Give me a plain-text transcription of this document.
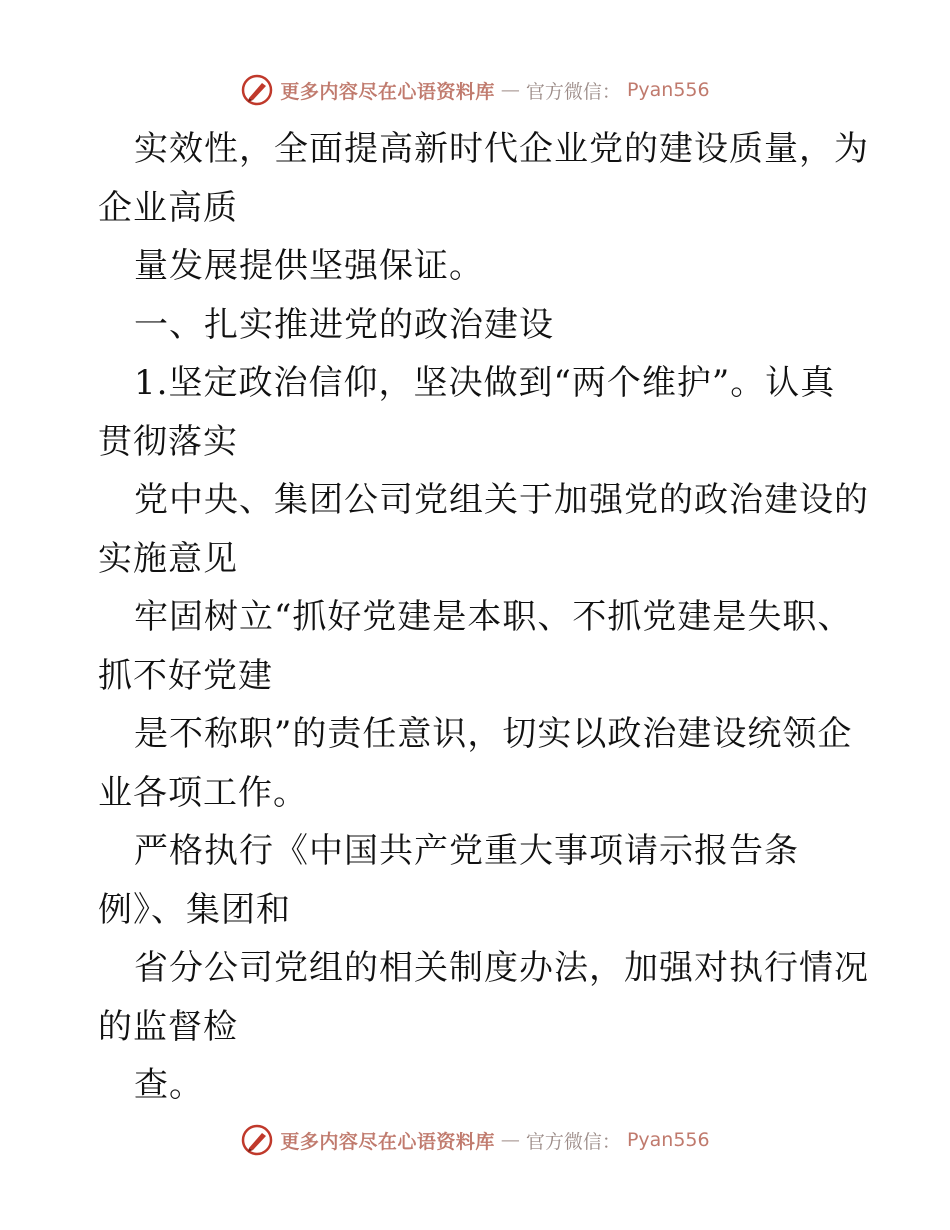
更多内容尽在心语资料库 — 官方微信： Pyan556
实效性，全面提高新时代企业党的建设质量，为
企业高质
量发展提供坚强保证。
一、扎实推进党的政治建设
1.坚定政治信仰，坚决做到“两个维护”。认真
贯彻落实
党中央、集团公司党组关于加强党的政治建设的
实施意见
牢固树立“抓好党建是本职、不抓党建是失职、
抓不好党建
是不称职”的责任意识，切实以政治建设统领企
业各项工作。
严格执行《中国共产党重大事项请示报告条
例》、集团和
省分公司党组的相关制度办法，加强对执行情况
的监督检
查。
更多内容尽在心语资料库 — 官方微信： Pyan556
